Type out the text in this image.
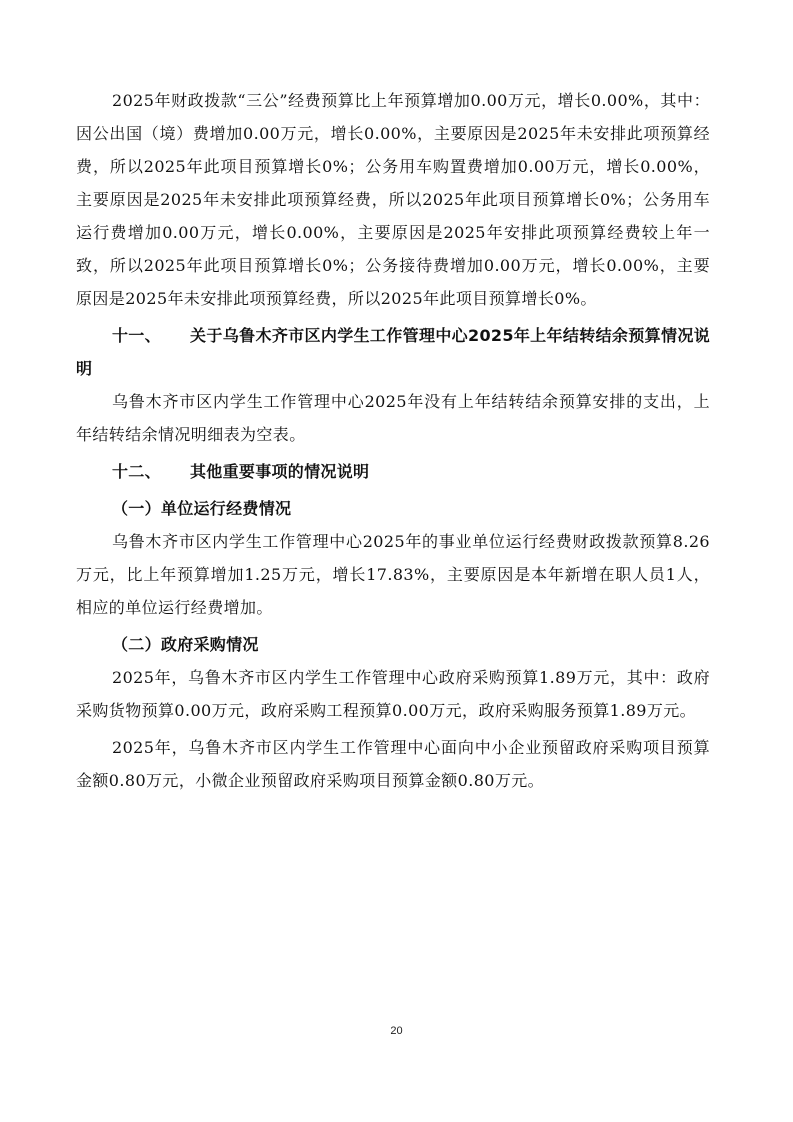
2025年财政拨款“三公”经费预算比上年预算增加0.00万元，增长0.00%，其中：因公出国（境）费增加0.00万元，增长0.00%，主要原因是2025年未安排此项预算经费，所以2025年此项目预算增长0%；公务用车购置费增加0.00万元，增长0.00%，主要原因是2025年未安排此项预算经费，所以2025年此项目预算增长0%；公务用车运行费增加0.00万元，增长0.00%，主要原因是2025年安排此项预算经费较上年一致，所以2025年此项目预算增长0%；公务接待费增加0.00万元，增长0.00%，主要原因是2025年未安排此项预算经费，所以2025年此项目预算增长0%。

十一、 关于乌鲁木齐市区内学生工作管理中心2025年上年结转结余预算情况说明

乌鲁木齐市区内学生工作管理中心2025年没有上年结转结余预算安排的支出，上年结转结余情况明细表为空表。

十二、 其他重要事项的情况说明

（一）单位运行经费情况

乌鲁木齐市区内学生工作管理中心2025年的事业单位运行经费财政拨款预算8.26万元，比上年预算增加1.25万元，增长17.83%，主要原因是本年新增在职人员1人，相应的单位运行经费增加。

（二）政府采购情况

2025年，乌鲁木齐市区内学生工作管理中心政府采购预算1.89万元，其中：政府采购货物预算0.00万元，政府采购工程预算0.00万元，政府采购服务预算1.89万元。

2025年，乌鲁木齐市区内学生工作管理中心面向中小企业预留政府采购项目预算金额0.80万元，小微企业预留政府采购项目预算金额0.80万元。

20
